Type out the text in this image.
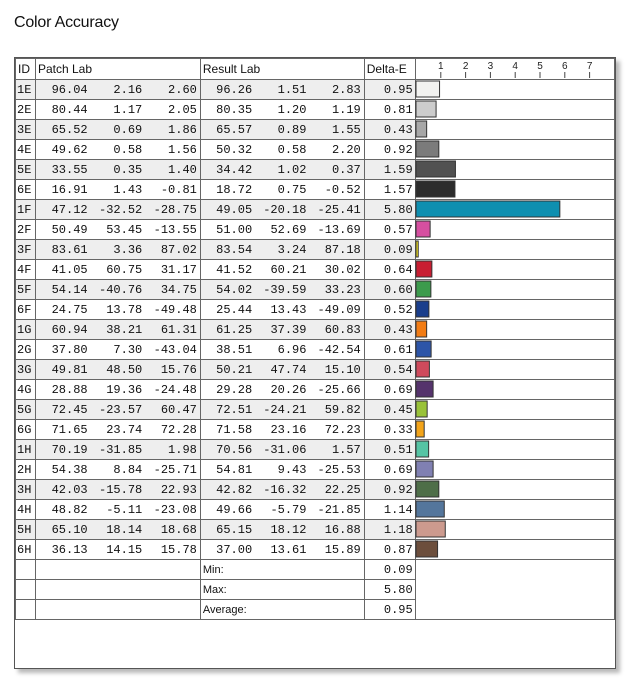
Color Accuracy
ID	Patch Lab	Result Lab	Delta-E	
1E	96.04 2.16 2.60	96.26 1.51 2.83	0.95	
2E	80.44 1.17 2.05	80.35 1.20 1.19	0.81	
3E	65.52 0.69 1.86	65.57 0.89 1.55	0.43	
4E	49.62 0.58 1.56	50.32 0.58 2.20	0.92	
5E	33.55 0.35 1.40	34.42 1.02 0.37	1.59	
6E	16.91 1.43 -0.81	18.72 0.75 -0.52	1.57	
1F	47.12 -32.52 -28.75	49.05 -20.18 -25.41	5.80	
2F	50.49 53.45 -13.55	51.00 52.69 -13.69	0.57	
3F	83.61 3.36 87.02	83.54 3.24 87.18	0.09	
4F	41.05 60.75 31.17	41.52 60.21 30.02	0.64	
5F	54.14 -40.76 34.75	54.02 -39.59 33.23	0.60	
6F	24.75 13.78 -49.48	25.44 13.43 -49.09	0.52	
1G	60.94 38.21 61.31	61.25 37.39 60.83	0.43	
2G	37.80 7.30 -43.04	38.51 6.96 -42.54	0.61	
3G	49.81 48.50 15.76	50.21 47.74 15.10	0.54	
4G	28.88 19.36 -24.48	29.28 20.26 -25.66	0.69	
5G	72.45 -23.57 60.47	72.51 -24.21 59.82	0.45	
6G	71.65 23.74 72.28	71.58 23.16 72.23	0.33	
1H	70.19 -31.85 1.98	70.56 -31.06 1.57	0.51	
2H	54.38 8.84 -25.71	54.81 9.43 -25.53	0.69	
3H	42.03 -15.78 22.93	42.82 -16.32 22.25	0.92	
4H	48.82 -5.11 -23.08	49.66 -5.79 -21.85	1.14	
5H	65.10 18.14 18.68	65.15 18.12 16.88	1.18	
6H	36.13 14.15 15.78	37.00 13.61 15.89	0.87	
		Min:	0.09	
		Max:	5.80	
		Average:	0.95	
1 2 3 4 5 6 7
